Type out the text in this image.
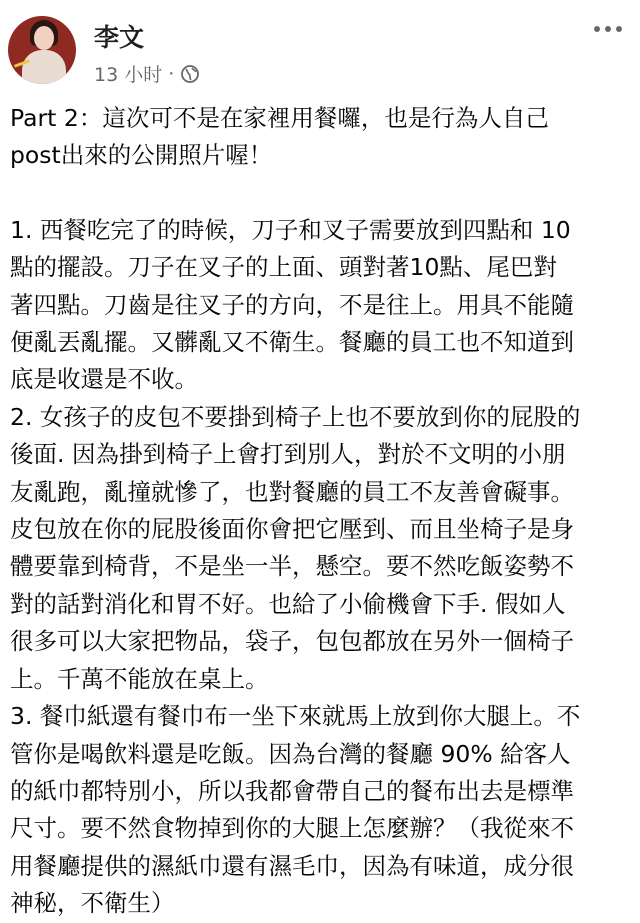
李文
13 小时 ·
Part 2：這次可不是在家裡用餐囉，也是行為人自己
post出來的公開照片喔！
1. 西餐吃完了的時候，刀子和叉子需要放到四點和 10
點的擺設。刀子在叉子的上面、頭對著10點、尾巴對
著四點。刀齒是往叉子的方向，不是往上。用具不能隨
便亂丟亂擺。又髒亂又不衛生。餐廳的員工也不知道到
底是收還是不收。
2. 女孩子的皮包不要掛到椅子上也不要放到你的屁股的
後面. 因為掛到椅子上會打到別人，對於不文明的小朋
友亂跑，亂撞就慘了，也對餐廳的員工不友善會礙事。
皮包放在你的屁股後面你會把它壓到、而且坐椅子是身
體要靠到椅背，不是坐一半，懸空。要不然吃飯姿勢不
對的話對消化和胃不好。也給了小偷機會下手. 假如人
很多可以大家把物品，袋子，包包都放在另外一個椅子
上。千萬不能放在桌上。
3. 餐巾紙還有餐巾布一坐下來就馬上放到你大腿上。不
管你是喝飲料還是吃飯。因為台灣的餐廳 90% 給客人
的紙巾都特別小，所以我都會帶自己的餐布出去是標準
尺寸。要不然食物掉到你的大腿上怎麼辦？（我從來不
用餐廳提供的濕紙巾還有濕毛巾，因為有味道，成分很
神秘，不衛生）
